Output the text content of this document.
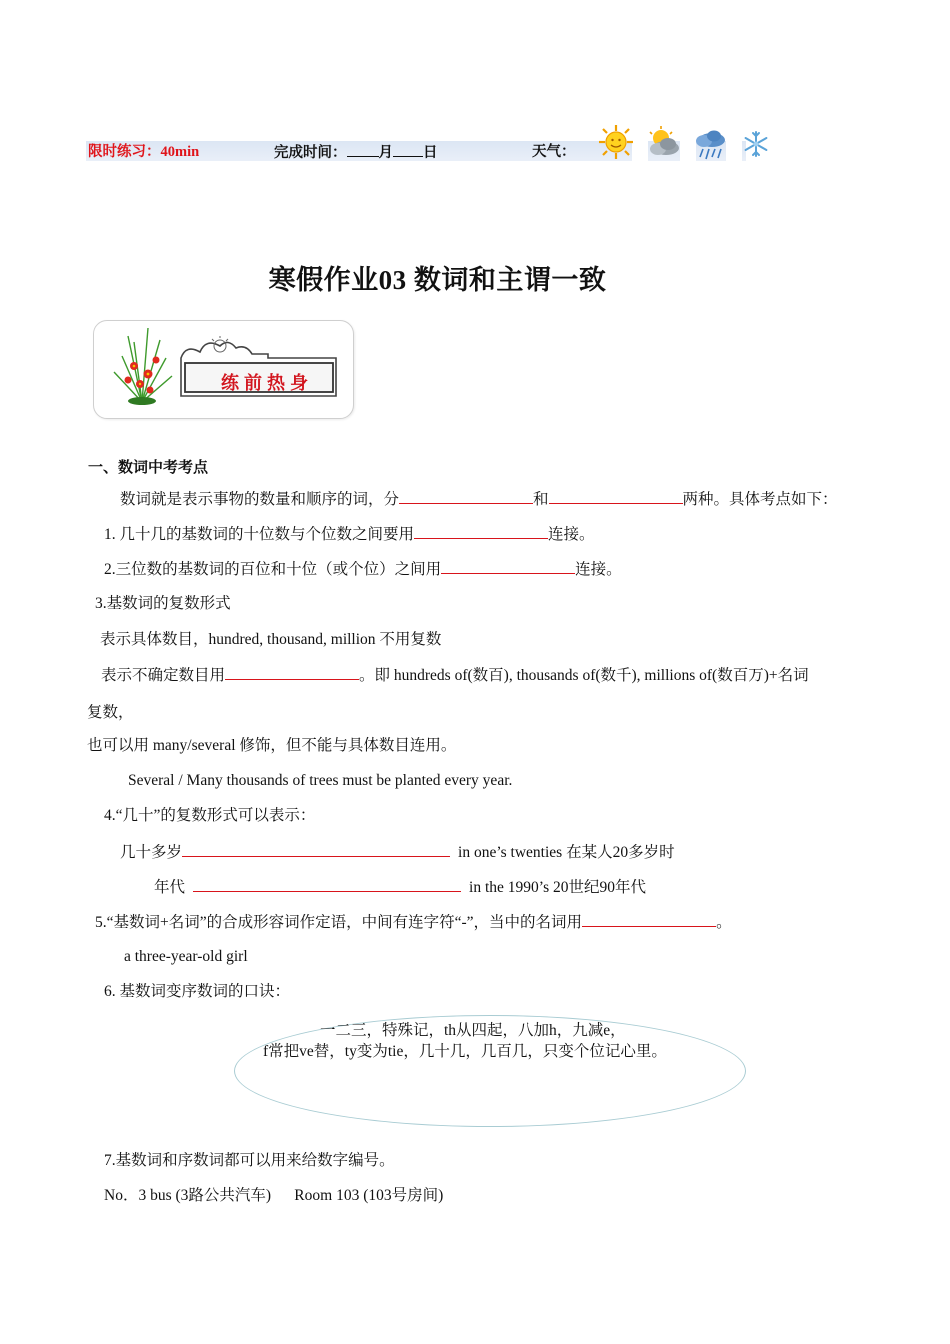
限时练习：40min	完成时间： 月 日	天气：
寒假作业03 数词和主谓一致
练前热身
一、数词中考考点
数词就是表示事物的数量和顺序的词，分	和	两种。具体考点如下：
1. 几十几的基数词的十位数与个位数之间要用	连接。
2.三位数的基数词的百位和十位（或个位）之间用	连接。
3.基数词的复数形式
表示具体数目，hundred, thousand, million 不用复数
表示不确定数目用	。即 hundreds of(数百), thousands of(数千), millions of(数百万)+名词
复数，
也可以用 many/several 修饰，但不能与具体数目连用。
Several / Many thousands of trees must be planted every year.
4.“几十”的复数形式可以表示：
几十多岁	in one’s twenties 在某人20多岁时
年代	in the 1990’s 20世纪90年代
5.“基数词+名词”的合成形容词作定语，中间有连字符“-”，当中的名词用	。
a three-year-old girl
6. 基数词变序数词的口诀：
一二三，特殊记，th从四起，八加h，九减e，
f常把ve替，ty变为tie，几十几，几百几，只变个位记心里。
7.基数词和序数词都可以用来给数字编号。
No．3 bus (3路公共汽车)      Room 103 (103号房间)
